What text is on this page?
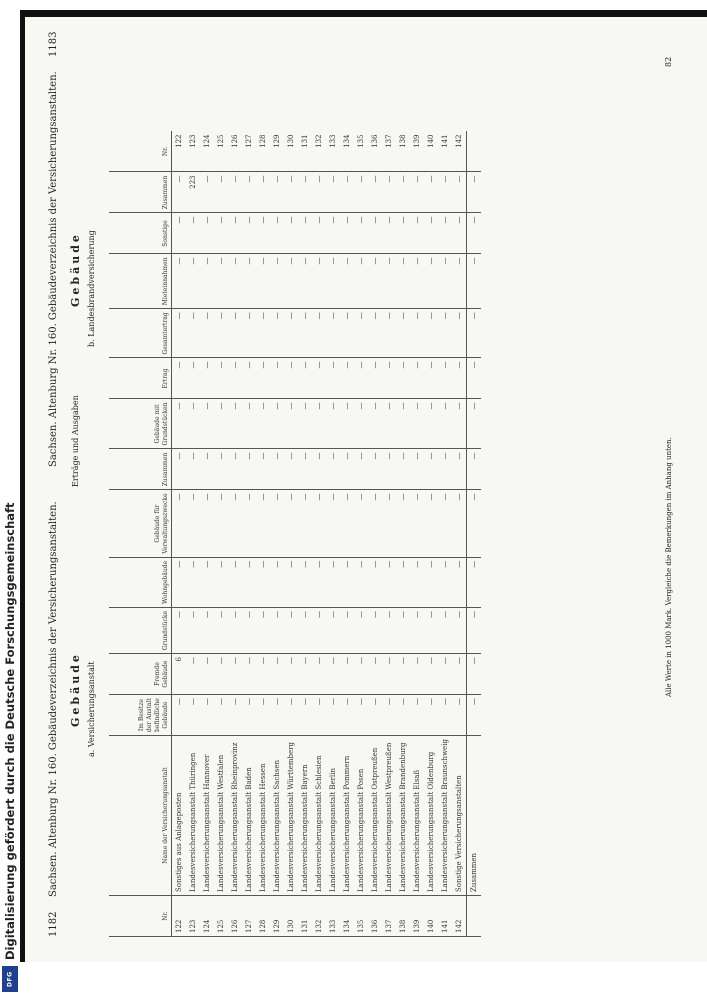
Digitalisierung gefördert durch die Deutsche Forschungsgemeinschaft
DFG
1182
Sachsen. Altenburg Nr. 160. Gebäudeverzeichnis der Versicherungsanstalten.
Sachsen. Altenburg Nr. 160. Gebäudeverzeichnis der Versicherungsanstalten.
1183
Gebäude
Gebäude
a. Versicherungsanstalt
b. Landesbrandversicherung
Erträge und Ausgaben
Nr.	Name der Versicherungsanstalt	Im Besitze der Anstalt befindliche Gebäude	Fremde Gebäude	Grundstücke	Wohngebäude	Gebäude für Verwaltungszwecke	Zusammen	Gebäude mit Grundstücken	Ertrag	Gesamtertrag	Mieteinnahmen	Sonstige	Zusammen	Nr.
122	Sonstiges aus Anlageposten	—	6	—	—	—	—	—	—	—	—	—	—	122
123	Landesversicherungsanstalt Thüringen	—	—	—	—	—	—	—	—	—	—	—	223	123
124	Landesversicherungsanstalt Hannover	—	—	—	—	—	—	—	—	—	—	—	—	124
125	Landesversicherungsanstalt Westfalen	—	—	—	—	—	—	—	—	—	—	—	—	125
126	Landesversicherungsanstalt Rheinprovinz	—	—	—	—	—	—	—	—	—	—	—	—	126
127	Landesversicherungsanstalt Baden	—	—	—	—	—	—	—	—	—	—	—	—	127
128	Landesversicherungsanstalt Hessen	—	—	—	—	—	—	—	—	—	—	—	—	128
129	Landesversicherungsanstalt Sachsen	—	—	—	—	—	—	—	—	—	—	—	—	129
130	Landesversicherungsanstalt Württemberg	—	—	—	—	—	—	—	—	—	—	—	—	130
131	Landesversicherungsanstalt Bayern	—	—	—	—	—	—	—	—	—	—	—	—	131
132	Landesversicherungsanstalt Schlesien	—	—	—	—	—	—	—	—	—	—	—	—	132
133	Landesversicherungsanstalt Berlin	—	—	—	—	—	—	—	—	—	—	—	—	133
134	Landesversicherungsanstalt Pommern	—	—	—	—	—	—	—	—	—	—	—	—	134
135	Landesversicherungsanstalt Posen	—	—	—	—	—	—	—	—	—	—	—	—	135
136	Landesversicherungsanstalt Ostpreußen	—	—	—	—	—	—	—	—	—	—	—	—	136
137	Landesversicherungsanstalt Westpreußen	—	—	—	—	—	—	—	—	—	—	—	—	137
138	Landesversicherungsanstalt Brandenburg	—	—	—	—	—	—	—	—	—	—	—	—	138
139	Landesversicherungsanstalt Elsaß	—	—	—	—	—	—	—	—	—	—	—	—	139
140	Landesversicherungsanstalt Oldenburg	—	—	—	—	—	—	—	—	—	—	—	—	140
141	Landesversicherungsanstalt Braunschweig	—	—	—	—	—	—	—	—	—	—	—	—	141
142	Sonstige Versicherungsanstalten	—	—	—	—	—	—	—	—	—	—	—	—	142
	Zusammen	—	—	—	—	—	—	—	—	—	—	—	—	
Alle Werte in 1000 Mark. Vergleiche die Bemerkungen im Anhang unten.
82
